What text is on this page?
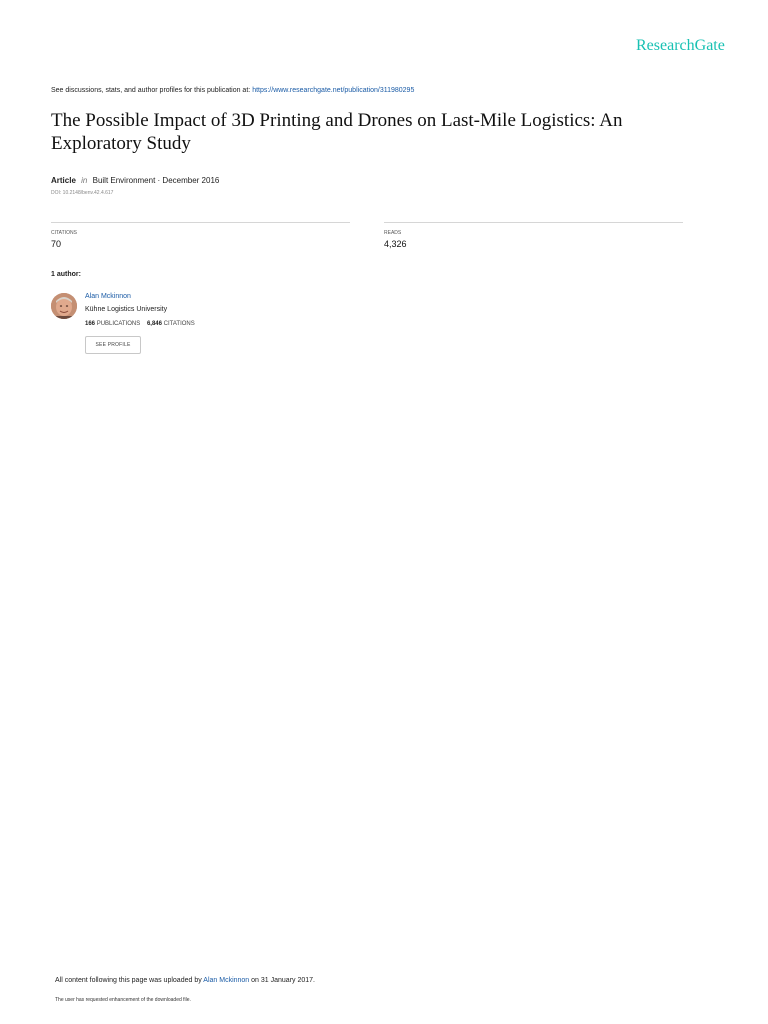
ResearchGate
See discussions, stats, and author profiles for this publication at: https://www.researchgate.net/publication/311980295
The Possible Impact of 3D Printing and Drones on Last-Mile Logistics: An Exploratory Study
Article in Built Environment · December 2016
DOI: 10.2148/benv.42.4.617
CITATIONS
70
READS
4,326
1 author:
Alan Mckinnon
Kühne Logistics University
166 PUBLICATIONS 6,846 CITATIONS
SEE PROFILE
All content following this page was uploaded by Alan Mckinnon on 31 January 2017.
The user has requested enhancement of the downloaded file.
